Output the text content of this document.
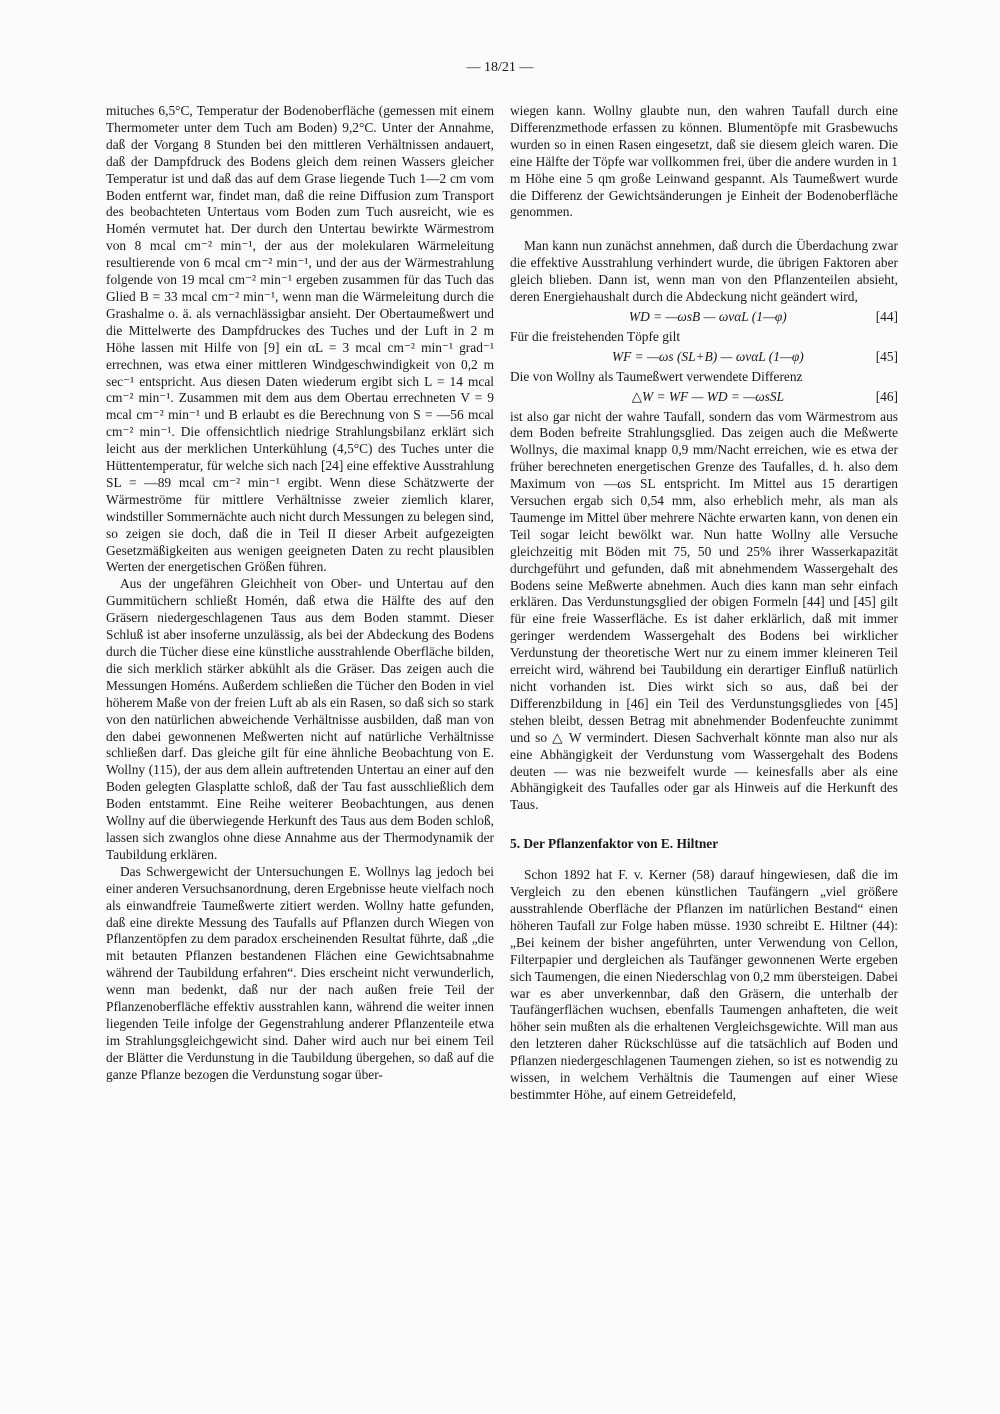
— 18/21 —

mituches 6,5°C, Temperatur der Bodenoberfläche (gemessen mit einem Thermometer unter dem Tuch am Boden) 9,2°C. Unter der Annahme, daß der Vorgang 8 Stunden bei den mittleren Verhältnissen andauert, daß der Dampfdruck des Bodens gleich dem reinen Wassers gleicher Temperatur ist und daß das auf dem Grase liegende Tuch 1—2 cm vom Boden entfernt war, findet man, daß die reine Diffusion zum Transport des beobachteten Untertaus vom Boden zum Tuch ausreicht, wie es Homén vermutet hat. Der durch den Untertau bewirkte Wärmestrom von 8 mcal cm⁻² min⁻¹, der aus der molekularen Wärmeleitung resultierende von 6 mcal cm⁻² min⁻¹, und der aus der Wärmestrahlung folgende von 19 mcal cm⁻² min⁻¹ ergeben zusammen für das Tuch das Glied B = 33 mcal cm⁻² min⁻¹, wenn man die Wärmeleitung durch die Grashalme o. ä. als vernachlässigbar ansieht. Der Obertaumeßwert und die Mittelwerte des Dampfdruckes des Tuches und der Luft in 2 m Höhe lassen mit Hilfe von [9] ein αL = 3 mcal cm⁻² min⁻¹ grad⁻¹ errechnen, was etwa einer mittleren Windgeschwindigkeit von 0,2 m sec⁻¹ entspricht. Aus diesen Daten wiederum ergibt sich L = 14 mcal cm⁻² min⁻¹. Zusammen mit dem aus dem Obertau errechneten V = 9 mcal cm⁻² min⁻¹ und B erlaubt es die Berechnung von S = —56 mcal cm⁻² min⁻¹. Die offensichtlich niedrige Strahlungsbilanz erklärt sich leicht aus der merklichen Unterkühlung (4,5°C) des Tuches unter die Hüttentemperatur, für welche sich nach [24] eine effektive Ausstrahlung SL = —89 mcal cm⁻² min⁻¹ ergibt. Wenn diese Schätzwerte der Wärmeströme für mittlere Verhältnisse zweier ziemlich klarer, windstiller Sommernächte auch nicht durch Messungen zu belegen sind, so zeigen sie doch, daß die in Teil II dieser Arbeit aufgezeigten Gesetzmäßigkeiten aus wenigen geeigneten Daten zu recht plausiblen Werten der energetischen Größen führen.

Aus der ungefähren Gleichheit von Ober- und Untertau auf den Gummitüchern schließt Homén, daß etwa die Hälfte des auf den Gräsern niedergeschlagenen Taus aus dem Boden stammt. Dieser Schluß ist aber insoferne unzulässig, als bei der Abdeckung des Bodens durch die Tücher diese eine künstliche ausstrahlende Oberfläche bilden, die sich merklich stärker abkühlt als die Gräser. Das zeigen auch die Messungen Homéns. Außerdem schließen die Tücher den Boden in viel höherem Maße von der freien Luft ab als ein Rasen, so daß sich so stark von den natürlichen abweichende Verhältnisse ausbilden, daß man von den dabei gewonnenen Meßwerten nicht auf natürliche Verhältnisse schließen darf. Das gleiche gilt für eine ähnliche Beobachtung von E. Wollny (115), der aus dem allein auftretenden Untertau an einer auf den Boden gelegten Glasplatte schloß, daß der Tau fast ausschließlich dem Boden entstammt. Eine Reihe weiterer Beobachtungen, aus denen Wollny auf die überwiegende Herkunft des Taus aus dem Boden schloß, lassen sich zwanglos ohne diese Annahme aus der Thermodynamik der Taubildung erklären.

Das Schwergewicht der Untersuchungen E. Wollnys lag jedoch bei einer anderen Versuchsanordnung, deren Ergebnisse heute vielfach noch als einwandfreie Taumeßwerte zitiert werden. Wollny hatte gefunden, daß eine direkte Messung des Taufalls auf Pflanzen durch Wiegen von Pflanzentöpfen zu dem paradox erscheinenden Resultat führte, daß „die mit betauten Pflanzen bestandenen Flächen eine Gewichtsabnahme während der Taubildung erfahren“. Dies erscheint nicht verwunderlich, wenn man bedenkt, daß nur der nach außen freie Teil der Pflanzenoberfläche effektiv ausstrahlen kann, während die weiter innen liegenden Teile infolge der Gegenstrahlung anderer Pflanzenteile etwa im Strahlungsgleichgewicht sind. Daher wird auch nur bei einem Teil der Blätter die Verdunstung in die Taubildung übergehen, so daß auf die ganze Pflanze bezogen die Verdunstung sogar über-

wiegen kann. Wollny glaubte nun, den wahren Taufall durch eine Differenzmethode erfassen zu können. Blumentöpfe mit Grasbewuchs wurden so in einen Rasen eingesetzt, daß sie diesem gleich waren. Die eine Hälfte der Töpfe war vollkommen frei, über die andere wurden in 1 m Höhe eine 5 qm große Leinwand gespannt. Als Taumeßwert wurde die Differenz der Gewichtsänderungen je Einheit der Bodenoberfläche genommen.

Man kann nun zunächst annehmen, daß durch die Überdachung zwar die effektive Ausstrahlung verhindert wurde, die übrigen Faktoren aber gleich blieben. Dann ist, wenn man von den Pflanzenteilen absieht, deren Energiehaushalt durch die Abdeckung nicht geändert wird,

WD = —ωsB — ωvαL (1—φ)	[44]

Für die freistehenden Töpfe gilt

WF = —ωs (SL+B) — ωvαL (1—φ)	[45]

Die von Wollny als Taumeßwert verwendete Differenz

△W = WF — WD = —ωsSL	[46]

ist also gar nicht der wahre Taufall, sondern das vom Wärmestrom aus dem Boden befreite Strahlungsglied. Das zeigen auch die Meßwerte Wollnys, die maximal knapp 0,9 mm/Nacht erreichen, wie es etwa der früher berechneten energetischen Grenze des Taufalles, d. h. also dem Maximum von —ωs SL entspricht. Im Mittel aus 15 derartigen Versuchen ergab sich 0,54 mm, also erheblich mehr, als man als Taumenge im Mittel über mehrere Nächte erwarten kann, von denen ein Teil sogar leicht bewölkt war. Nun hatte Wollny alle Versuche gleichzeitig mit Böden mit 75, 50 und 25% ihrer Wasserkapazität durchgeführt und gefunden, daß mit abnehmendem Wassergehalt des Bodens seine Meßwerte abnehmen. Auch dies kann man sehr einfach erklären. Das Verdunstungsglied der obigen Formeln [44] und [45] gilt für eine freie Wasserfläche. Es ist daher erklärlich, daß mit immer geringer werdendem Wassergehalt des Bodens bei wirklicher Verdunstung der theoretische Wert nur zu einem immer kleineren Teil erreicht wird, während bei Taubildung ein derartiger Einfluß natürlich nicht vorhanden ist. Dies wirkt sich so aus, daß bei der Differenzbildung in [46] ein Teil des Verdunstungsgliedes von [45] stehen bleibt, dessen Betrag mit abnehmender Bodenfeuchte zunimmt und so △ W vermindert. Diesen Sachverhalt könnte man also nur als eine Abhängigkeit der Verdunstung vom Wassergehalt des Bodens deuten — was nie bezweifelt wurde — keinesfalls aber als eine Abhängigkeit des Taufalles oder gar als Hinweis auf die Herkunft des Taus.

5. Der Pflanzenfaktor von E. Hiltner

Schon 1892 hat F. v. Kerner (58) darauf hingewiesen, daß die im Vergleich zu den ebenen künstlichen Taufängern „viel größere ausstrahlende Oberfläche der Pflanzen im natürlichen Bestand“ einen höheren Taufall zur Folge haben müsse. 1930 schreibt E. Hiltner (44): „Bei keinem der bisher angeführten, unter Verwendung von Cellon, Filterpapier und dergleichen als Taufänger gewonnenen Werte ergeben sich Taumengen, die einen Niederschlag von 0,2 mm übersteigen. Dabei war es aber unverkennbar, daß den Gräsern, die unterhalb der Taufängerflächen wuchsen, ebenfalls Taumengen anhafteten, die weit höher sein mußten als die erhaltenen Vergleichsgewichte. Will man aus den letzteren daher Rückschlüsse auf die tatsächlich auf Boden und Pflanzen niedergeschlagenen Taumengen ziehen, so ist es notwendig zu wissen, in welchem Verhältnis die Taumengen auf einer Wiese bestimmter Höhe, auf einem Getreidefeld,
